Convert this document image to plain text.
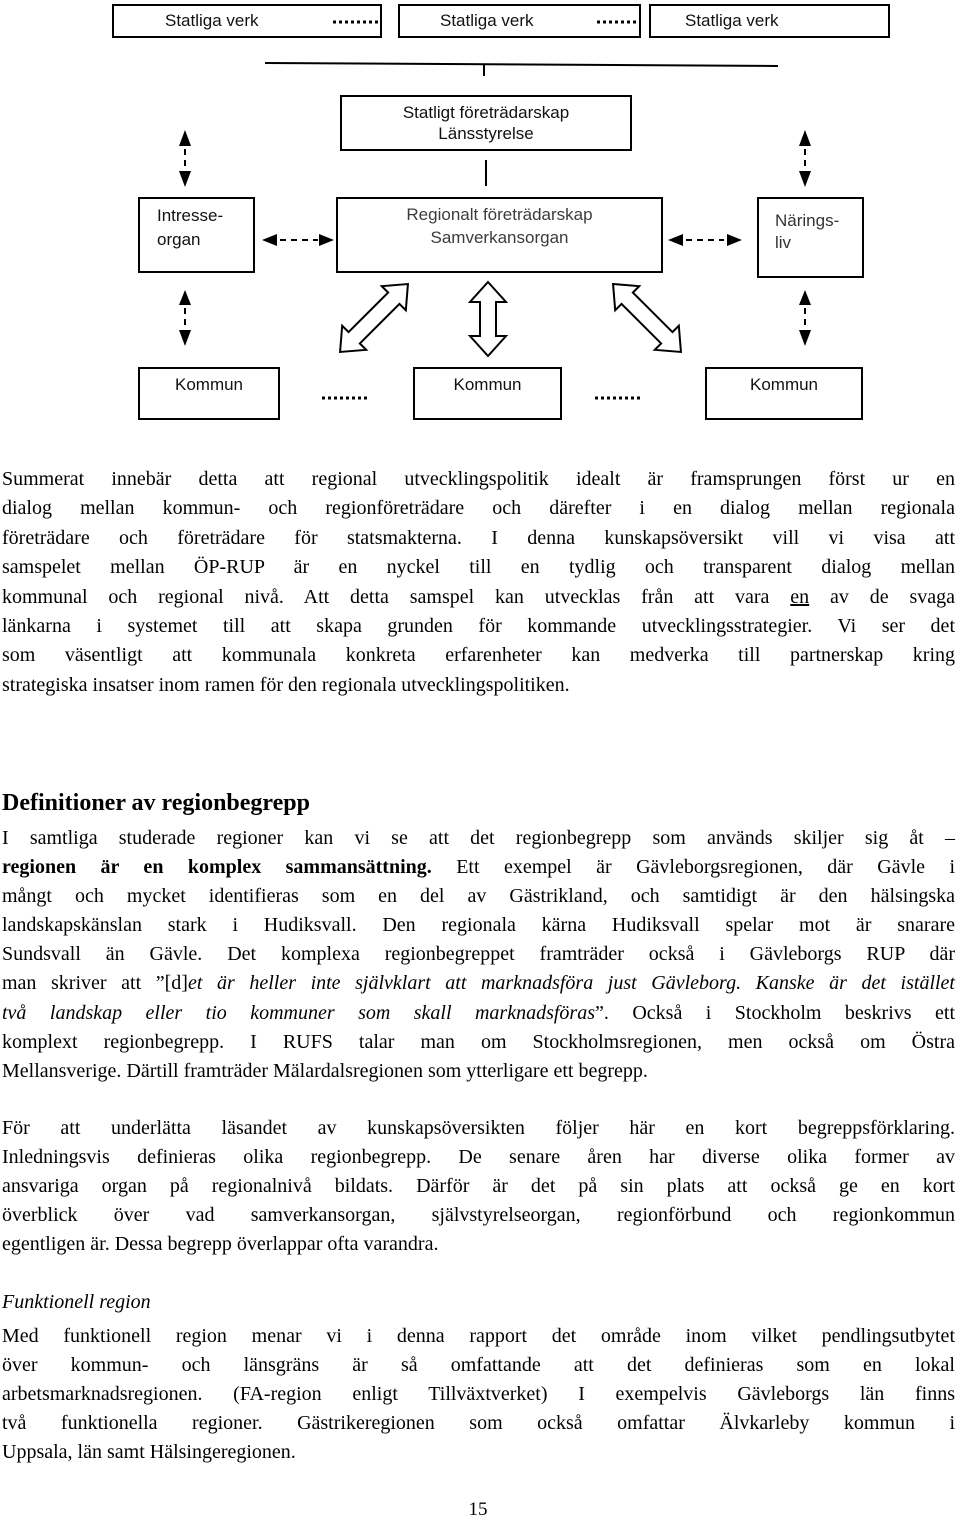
Statliga verk	Statliga verk	Statliga verk
Statligt företrädarskap
Länsstyrelse
Intresse-
organ
Regionalt företrädarskap
Samverkansorgan
Närings-
liv
Kommun	Kommun	Kommun
Summerat innebär detta att regional utvecklingspolitik idealt är framsprungen först ur en
dialog mellan kommun- och regionföreträdare och därefter i en dialog mellan regionala
företrädare och företrädare för statsmakterna. I denna kunskapsöversikt vill vi visa att
samspelet mellan ÖP-RUP är en nyckel till en tydlig och transparent dialog mellan
kommunal och regional nivå. Att detta samspel kan utvecklas från att vara en av de svaga
länkarna i systemet till att skapa grunden för kommande utvecklingsstrategier. Vi ser det
som väsentligt att kommunala konkreta erfarenheter kan medverka till partnerskap kring
strategiska insatser inom ramen för den regionala utvecklingspolitiken.
Definitioner av regionbegrepp
I samtliga studerade regioner kan vi se att det regionbegrepp som används skiljer sig åt –
regionen är en komplex sammansättning. Ett exempel är Gävleborgsregionen, där Gävle i
mångt och mycket identifieras som en del av Gästrikland, och samtidigt är den hälsingska
landskapskänslan stark i Hudiksvall. Den regionala kärna Hudiksvall spelar mot är snarare
Sundsvall än Gävle. Det komplexa regionbegreppet framträder också i Gävleborgs RUP där
man skriver att ”[d]et är heller inte självklart att marknadsföra just Gävleborg. Kanske är det istället
två landskap eller tio kommuner som skall marknadsföras”. Också i Stockholm beskrivs ett
komplext regionbegrepp. I RUFS talar man om Stockholmsregionen, men också om Östra
Mellansverige. Därtill framträder Mälardalsregionen som ytterligare ett begrepp.
För att underlätta läsandet av kunskapsöversikten följer här en kort begreppsförklaring.
Inledningsvis definieras olika regionbegrepp. De senare åren har diverse olika former av
ansvariga organ på regionalnivå bildats. Därför är det på sin plats att också ge en kort
överblick över vad samverkansorgan, självstyrelseorgan, regionförbund och regionkommun
egentligen är. Dessa begrepp överlappar ofta varandra.
Funktionell region
Med funktionell region menar vi i denna rapport det område inom vilket pendlingsutbytet
över kommun- och länsgräns är så omfattande att det definieras som en lokal
arbetsmarknadsregionen. (FA-region enligt Tillväxtverket) I exempelvis Gävleborgs län finns
två funktionella regioner. Gästrikeregionen som också omfattar Älvkarleby kommun i
Uppsala, län samt Hälsingeregionen.
15
